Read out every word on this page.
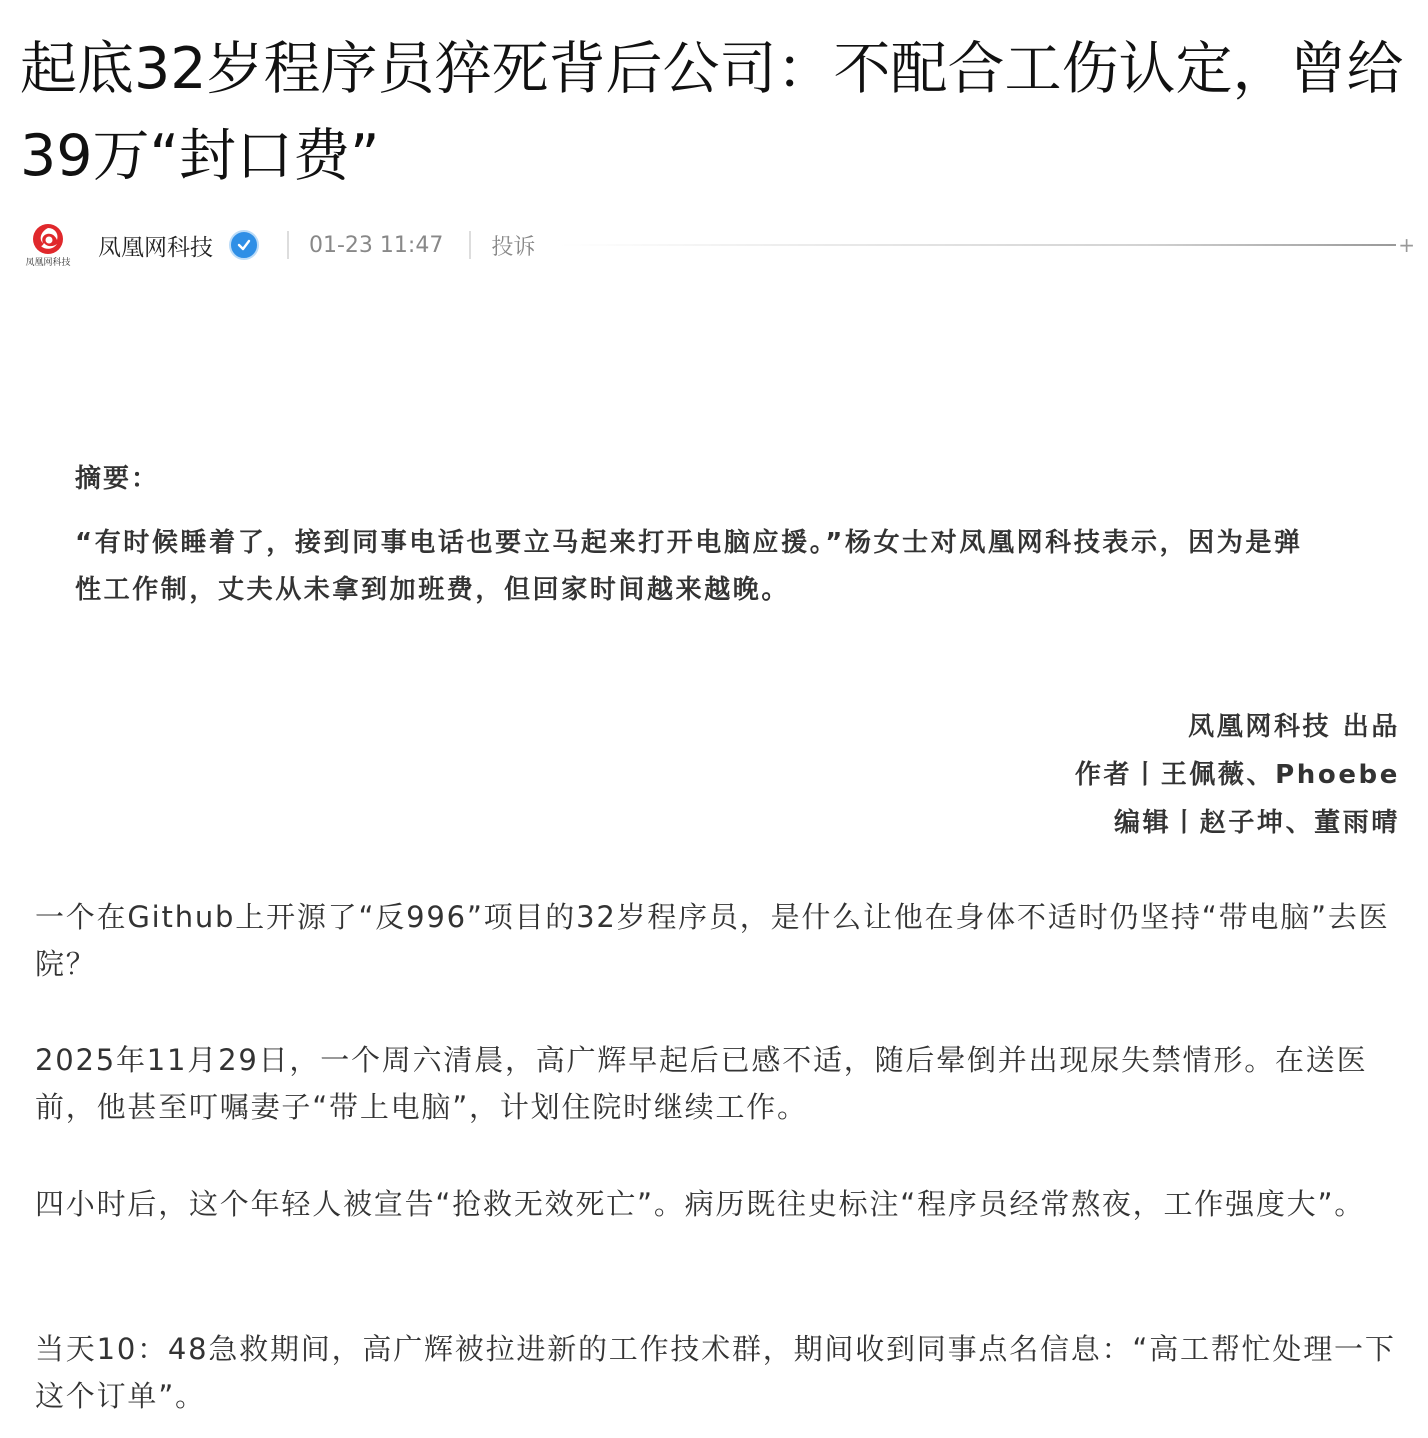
起底32岁程序员猝死背后公司：不配合工伤认定，曾给39万“封口费”
凤凰网科技
凤凰网科技	01-23 11:47 投诉	+
摘要：
“有时候睡着了，接到同事电话也要立马起来打开电脑应援。”杨女士对凤凰网科技表示，因为是弹性工作制，丈夫从未拿到加班费，但回家时间越来越晚。
凤凰网科技 出品
作者丨王佩薇、Phoebe
编辑丨赵子坤、董雨晴

一个在Github上开源了“反996”项目的32岁程序员，是什么让他在身体不适时仍坚持“带电脑”去医院？

2025年11月29日，一个周六清晨，高广辉早起后已感不适，随后晕倒并出现尿失禁情形。在送医前，他甚至叮嘱妻子“带上电脑”，计划住院时继续工作。

四小时后，这个年轻人被宣告“抢救无效死亡”。病历既往史标注“程序员经常熬夜，工作强度大”。

当天10：48急救期间，高广辉被拉进新的工作技术群，期间收到同事点名信息：“高工帮忙处理一下这个订单”。
